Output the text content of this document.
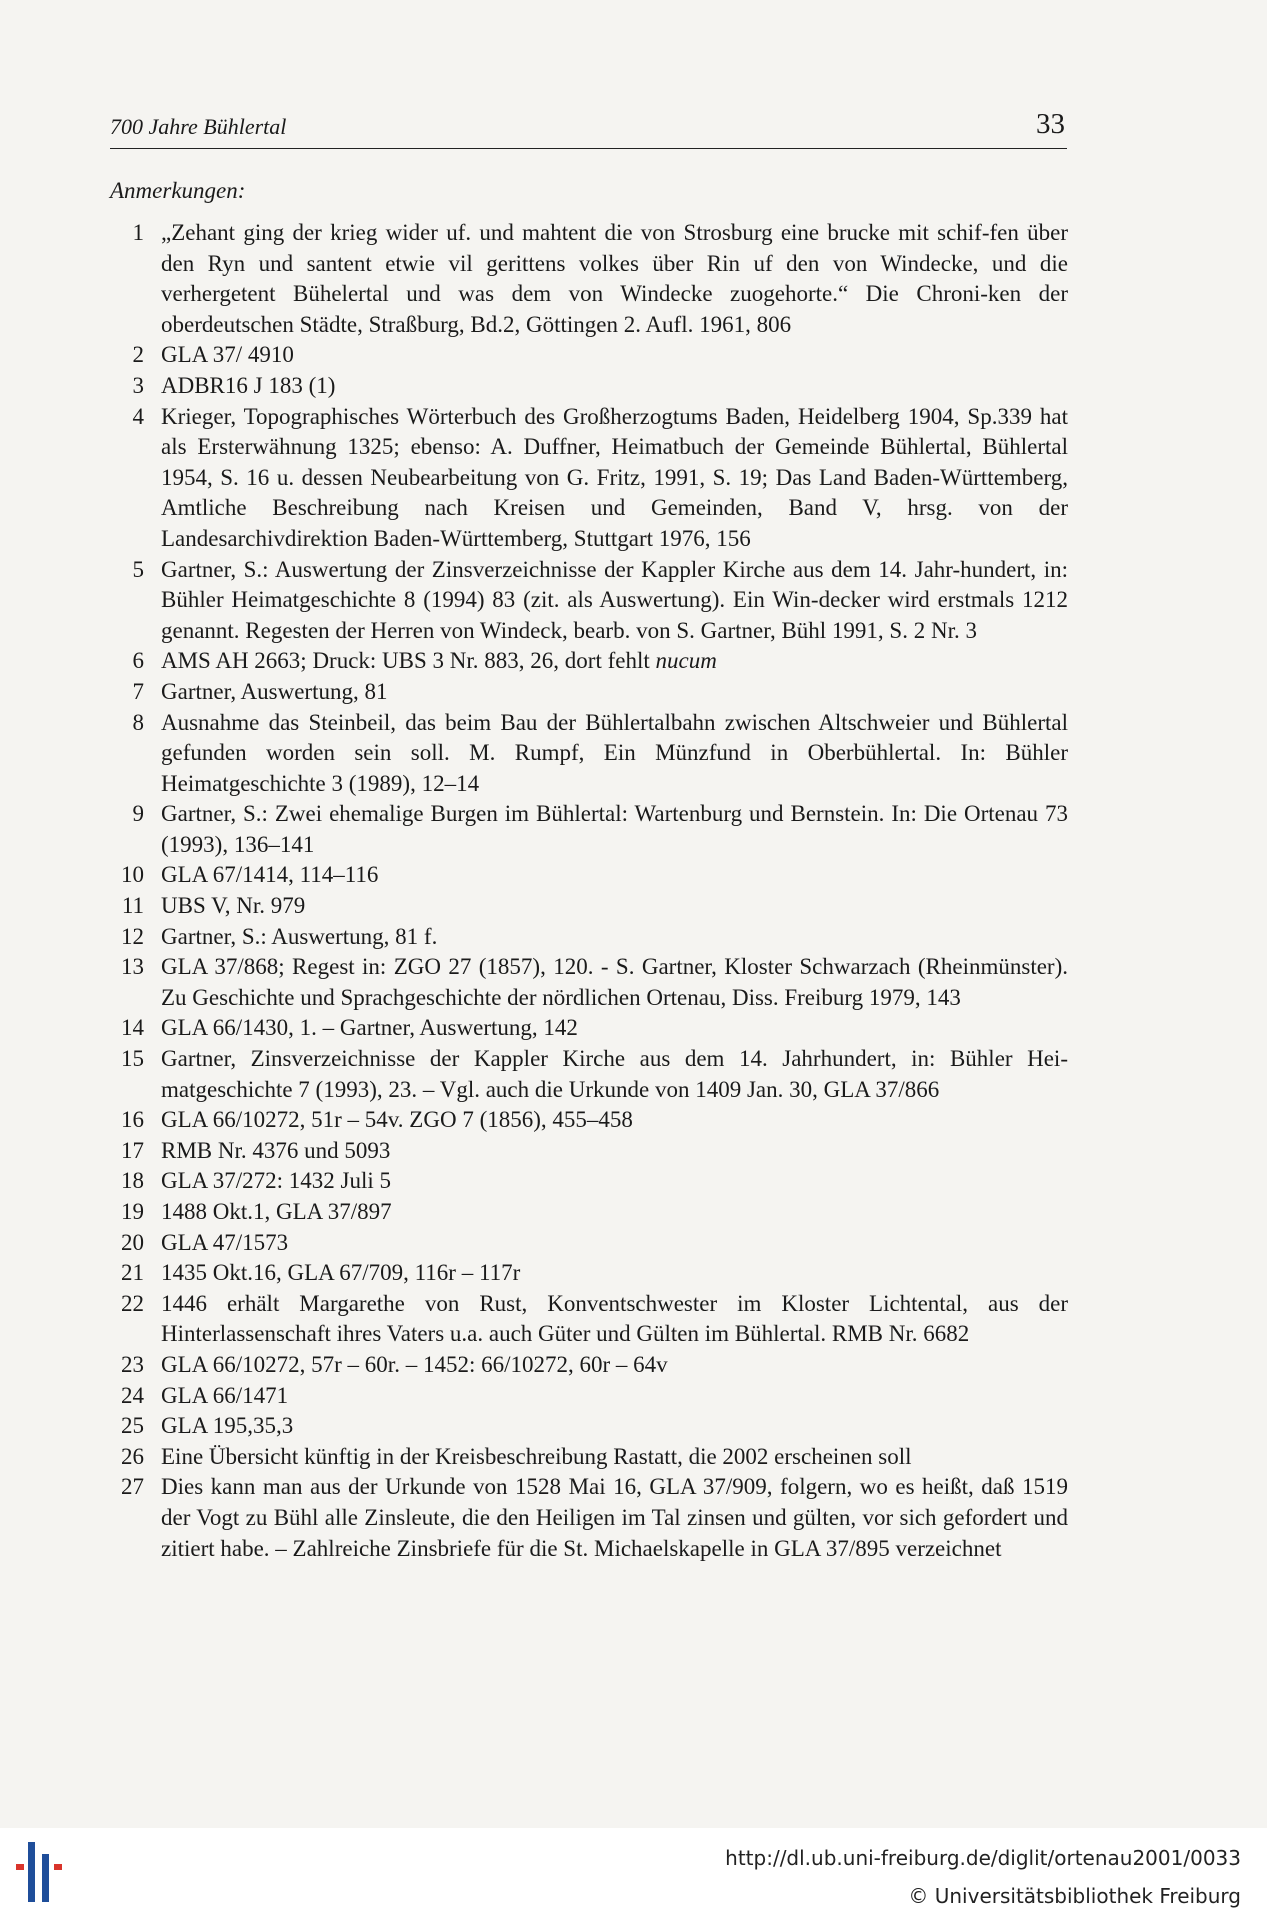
700 Jahre Bühlertal	33
Anmerkungen:
1 „Zehant ging der krieg wider uf. und mahtent die von Strosburg eine brucke mit schif-fen über den Ryn und santent etwie vil gerittens volkes über Rin uf den von Windecke, und die verhergetent Bühelertal und was dem von Windecke zuogehorte.“ Die Chroni-ken der oberdeutschen Städte, Straßburg, Bd.2, Göttingen 2. Aufl. 1961, 806
2 GLA 37/ 4910
3 ADBR16 J 183 (1)
4 Krieger, Topographisches Wörterbuch des Großherzogtums Baden, Heidelberg 1904, Sp.339 hat als Ersterwähnung 1325; ebenso: A. Duffner, Heimatbuch der Gemeinde Bühlertal, Bühlertal 1954, S. 16 u. dessen Neubearbeitung von G. Fritz, 1991, S. 19; Das Land Baden-Württemberg, Amtliche Beschreibung nach Kreisen und Gemeinden, Band V, hrsg. von der Landesarchivdirektion Baden-Württemberg, Stuttgart 1976, 156
5 Gartner, S.: Auswertung der Zinsverzeichnisse der Kappler Kirche aus dem 14. Jahr-hundert, in: Bühler Heimatgeschichte 8 (1994) 83 (zit. als Auswertung). Ein Win-decker wird erstmals 1212 genannt. Regesten der Herren von Windeck, bearb. von S. Gartner, Bühl 1991, S. 2 Nr. 3
6 AMS AH 2663; Druck: UBS 3 Nr. 883, 26, dort fehlt nucum
7 Gartner, Auswertung, 81
8 Ausnahme das Steinbeil, das beim Bau der Bühlertalbahn zwischen Altschweier und Bühlertal gefunden worden sein soll. M. Rumpf, Ein Münzfund in Oberbühlertal. In: Bühler Heimatgeschichte 3 (1989), 12–14
9 Gartner, S.: Zwei ehemalige Burgen im Bühlertal: Wartenburg und Bernstein. In: Die Ortenau 73 (1993), 136–141
10 GLA 67/1414, 114–116
11 UBS V, Nr. 979
12 Gartner, S.: Auswertung, 81 f.
13 GLA 37/868; Regest in: ZGO 27 (1857), 120. - S. Gartner, Kloster Schwarzach (Rheinmünster). Zu Geschichte und Sprachgeschichte der nördlichen Ortenau, Diss. Freiburg 1979, 143
14 GLA 66/1430, 1. – Gartner, Auswertung, 142
15 Gartner, Zinsverzeichnisse der Kappler Kirche aus dem 14. Jahrhundert, in: Bühler Hei-matgeschichte 7 (1993), 23. – Vgl. auch die Urkunde von 1409 Jan. 30, GLA 37/866
16 GLA 66/10272, 51r – 54v. ZGO 7 (1856), 455–458
17 RMB Nr. 4376 und 5093
18 GLA 37/272: 1432 Juli 5
19 1488 Okt.1, GLA 37/897
20 GLA 47/1573
21 1435 Okt.16, GLA 67/709, 116r – 117r
22 1446 erhält Margarethe von Rust, Konventschwester im Kloster Lichtental, aus der Hinterlassenschaft ihres Vaters u.a. auch Güter und Gülten im Bühlertal. RMB Nr. 6682
23 GLA 66/10272, 57r – 60r. – 1452: 66/10272, 60r – 64v
24 GLA 66/1471
25 GLA 195,35,3
26 Eine Übersicht künftig in der Kreisbeschreibung Rastatt, die 2002 erscheinen soll
27 Dies kann man aus der Urkunde von 1528 Mai 16, GLA 37/909, folgern, wo es heißt, daß 1519 der Vogt zu Bühl alle Zinsleute, die den Heiligen im Tal zinsen und gülten, vor sich gefordert und zitiert habe. – Zahlreiche Zinsbriefe für die St. Michaelskapelle in GLA 37/895 verzeichnet
http://dl.ub.uni-freiburg.de/diglit/ortenau2001/0033
© Universitätsbibliothek Freiburg
